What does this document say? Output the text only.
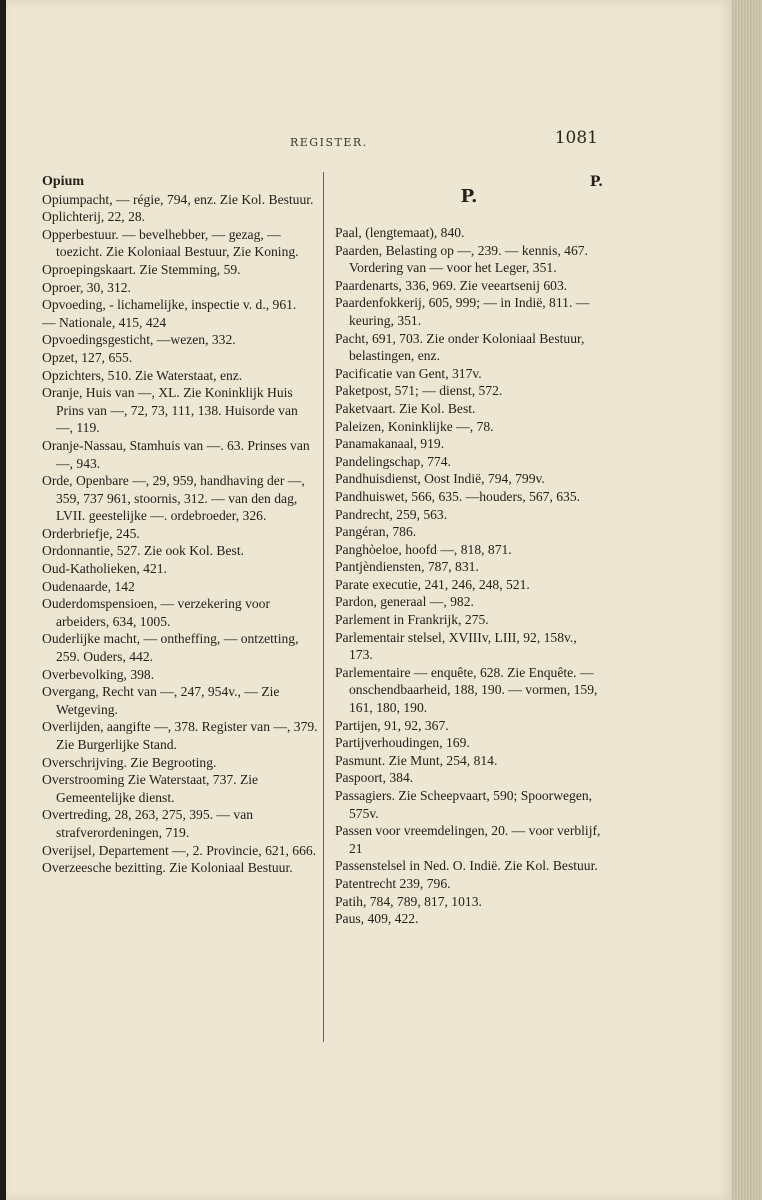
REGISTER.	1081

Opium

Opiumpacht, — régie, 794, enz. Zie Kol. Bestuur.

Oplichterij, 22, 28.

Opperbestuur. — bevelhebber, — gezag, — toezicht. Zie Koloniaal Bestuur, Zie Koning.

Oproepingskaart. Zie Stemming, 59.

Oproer, 30, 312.

Opvoeding, - lichamelijke, inspectie v. d., 961.

— Nationale, 415, 424

Opvoedingsgesticht, —wezen, 332.

Opzet, 127, 655.

Opzichters, 510. Zie Waterstaat, enz.

Oranje, Huis van —, XL. Zie Koninklijk Huis Prins van —, 72, 73, 111, 138. Huisorde van —, 119.

Oranje-Nassau, Stamhuis van —. 63. Prinses van —, 943.

Orde, Openbare —, 29, 959, handhaving der —, 359, 737 961, stoornis, 312. — van den dag, LVII. geestelijke —. ordebroeder, 326.

Orderbriefje, 245.

Ordonnantie, 527. Zie ook Kol. Best.

Oud-Katholieken, 421.

Oudenaarde, 142

Ouderdomspensioen, — verzekering voor arbeiders, 634, 1005.

Ouderlijke macht, — ontheffing, — ontzetting, 259. Ouders, 442.

Overbevolking, 398.

Overgang, Recht van —, 247, 954v., — Zie Wetgeving.

Overlijden, aangifte —, 378. Register van —, 379. Zie Burgerlijke Stand.

Overschrijving. Zie Begrooting.

Overstrooming Zie Waterstaat, 737. Zie Gemeentelijke dienst.

Overtreding, 28, 263, 275, 395. — van strafverordeningen, 719.

Overijsel, Departement —, 2. Provincie, 621, 666.

Overzeesche bezitting. Zie Koloniaal Bestuur.

P.
P.

Paal, (lengtemaat), 840.

Paarden, Belasting op —, 239. — kennis, 467. Vordering van — voor het Leger, 351.

Paardenarts, 336, 969. Zie veeartsenij 603.

Paardenfokkerij, 605, 999; — in Indië, 811. — keuring, 351.

Pacht, 691, 703. Zie onder Koloniaal Bestuur, belastingen, enz.

Pacificatie van Gent, 317v.

Paketpost, 571; — dienst, 572.

Paketvaart. Zie Kol. Best.

Paleizen, Koninklijke —, 78.

Panamakanaal, 919.

Pandelingschap, 774.

Pandhuisdienst, Oost Indië, 794, 799v.

Pandhuiswet, 566, 635. —houders, 567, 635.

Pandrecht, 259, 563.

Pangéran, 786.

Panghòeloe, hoofd —, 818, 871.

Pantjèndiensten, 787, 831.

Parate executie, 241, 246, 248, 521.

Pardon, generaal —, 982.

Parlement in Frankrijk, 275.

Parlementair stelsel, XVIIIv, LIII, 92, 158v., 173.

Parlementaire — enquête, 628. Zie Enquête. — onschendbaarheid, 188, 190. — vormen, 159, 161, 180, 190.

Partijen, 91, 92, 367.

Partijverhoudingen, 169.

Pasmunt. Zie Munt, 254, 814.

Paspoort, 384.

Passagiers. Zie Scheepvaart, 590; Spoorwegen, 575v.

Passen voor vreemdelingen, 20. — voor verblijf, 21

Passenstelsel in Ned. O. Indië. Zie Kol. Bestuur.

Patentrecht 239, 796.

Patih, 784, 789, 817, 1013.

Paus, 409, 422.
